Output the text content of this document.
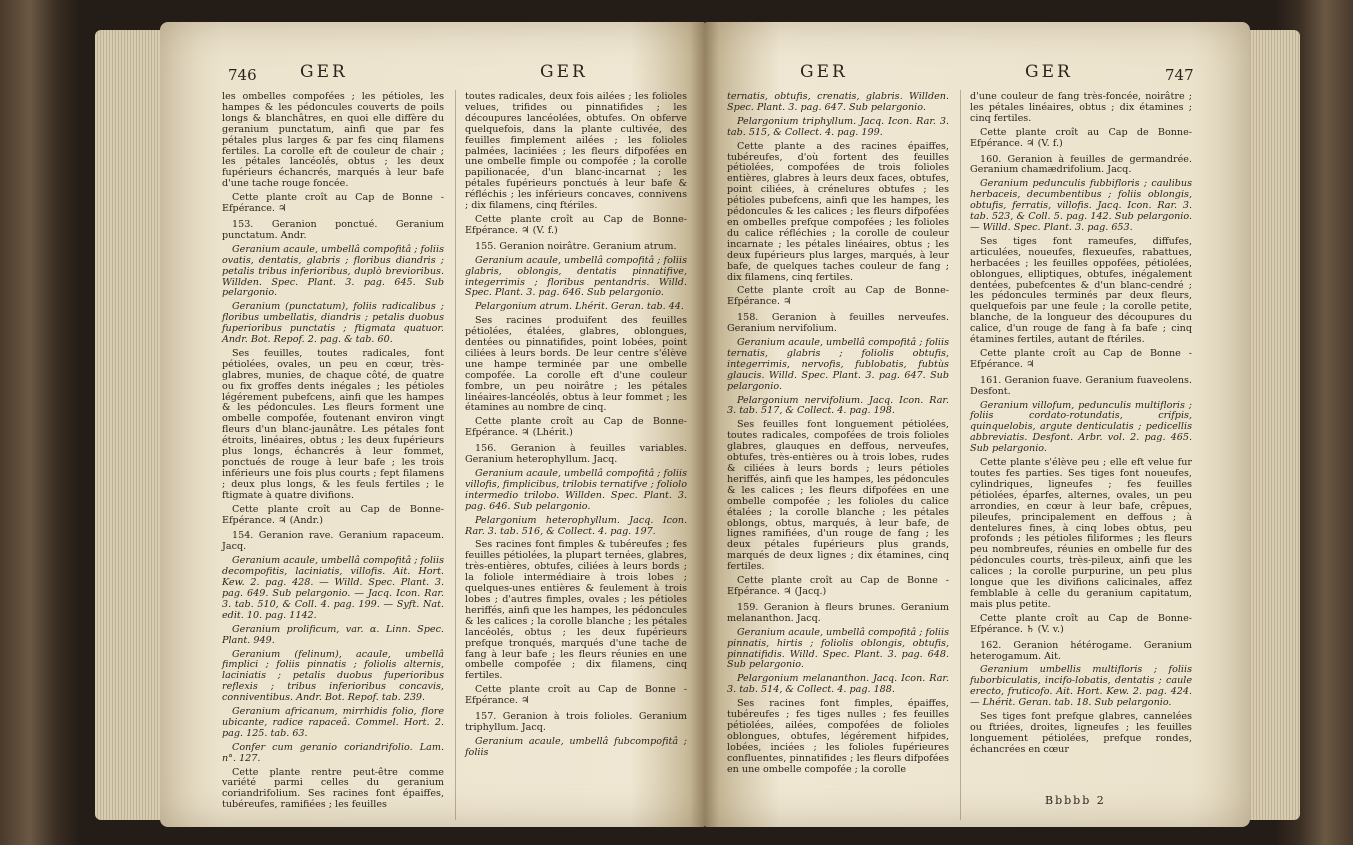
746	GER	GER

les ombelles compofées ; les pétioles, les hampes & les pédoncules couverts de poils longs & blanchâtres, en quoi elle diffère du geranium punctatum, ainfi que par fes pétales plus larges & par fes cinq filamens fertiles. La corolle eft de couleur de chair ; les pétales lancéolés, obtus ; les deux fupérieurs échancrés, marqués à leur bafe d'une tache rouge foncée.

Cette plante croît au Cap de Bonne - Efpérance. ♃

153. Geranion ponctué. Geranium punctatum. Andr.

Geranium acaule, umbellâ compofitâ ; foliis ovatis, dentatis, glabris ; floribus diandris ; petalis tribus inferioribus, duplò brevioribus. Willden. Spec. Plant. 3. pag. 645. Sub pelargonio.

Geranium (punctatum), foliis radicalibus ; floribus umbellatis, diandris ; petalis duobus fuperioribus punctatis ; ftigmata quatuor. Andr. Bot. Repof. 2. pag. & tab. 60.

Ses feuilles, toutes radicales, font pétiolées, ovales, un peu en cœur, très-glabres, munies, de chaque côté, de quatre ou fix groffes dents inégales ; les pétioles légérement pubefcens, ainfi que les hampes & les pédoncules. Les fleurs forment une ombelle compofée, foutenant environ vingt fleurs d'un blanc-jaunâtre. Les pétales font étroits, linéaires, obtus ; les deux fupérieurs plus longs, échancrés à leur fommet, ponctués de rouge à leur bafe ; les trois inférieurs une fois plus courts ; fept filamens ; deux plus longs, & les feuls fertiles ; le ftigmate à quatre divifions.

Cette plante croît au Cap de Bonne-Efpérance. ♃ (Andr.)

154. Geranion rave. Geranium rapaceum. Jacq.

Geranium acaule, umbellâ compofitâ ; foliis decompofitis, laciniatis, villofis. Ait. Hort. Kew. 2. pag. 428. — Willd. Spec. Plant. 3. pag. 649. Sub pelargonio. — Jacq. Icon. Rar. 3. tab. 510, & Coll. 4. pag. 199. — Syft. Nat. edit. 10. pag. 1142.

Geranium prolificum, var. α. Linn. Spec. Plant. 949.

Geranium (felinum), acaule, umbellâ fimplici ; foliis pinnatis ; foliolis alternis, laciniatis ; petalis duobus fuperioribus reflexis ; tribus inferioribus concavis, conniventibus. Andr. Bot. Repof. tab. 239.

Geranium africanum, mirrhidis folio, flore ubicante, radice rapaceâ. Commel. Hort. 2. pag. 125. tab. 63.

Confer cum geranio coriandrifolio. Lam. n°. 127.

Cette plante rentre peut-être comme variété parmi celles du geranium coriandrifolium. Ses racines font épaiffes, tubéreufes, ramifiées ; les feuilles

toutes radicales, deux fois ailées ; les folioles velues, trifides ou pinnatifides ; les découpures lancéolées, obtufes. On obferve quelquefois, dans la plante cultivée, des feuilles fimplement ailées ; les folioles palmées, laciniées ; les fleurs difpofées en une ombelle fimple ou compofée ; la corolle papilionacée, d'un blanc-incarnat ; les pétales fupérieurs ponctués à leur bafe & réfléchis ; les inférieurs concaves, connivens ; dix filamens, cinq ftériles.

Cette plante croît au Cap de Bonne-Efpérance. ♃ (V. f.)

155. Geranion noirâtre. Geranium atrum.

Geranium acaule, umbellâ compofitâ ; foliis glabris, oblongis, dentatis pinnatifive, integerrimis ; floribus pentandris. Willd. Spec. Plant. 3. pag. 646. Sub pelargonio.

Pelargonium atrum. Lhérit. Geran. tab. 44.

Ses racines produifent des feuilles pétiolées, étalées, glabres, oblongues, dentées ou pinnatifides, point lobées, point ciliées à leurs bords. De leur centre s'élève une hampe terminée par une ombelle compofée. La corolle eft d'une couleur fombre, un peu noirâtre ; les pétales linéaires-lancéolés, obtus à leur fommet ; les étamines au nombre de cinq.

Cette plante croît au Cap de Bonne-Efpérance. ♃ (Lhérit.)

156. Geranion à feuilles variables. Geranium heterophyllum. Jacq.

Geranium acaule, umbellâ compofitâ ; foliis villofis, fimplicibus, trilobis ternatifve ; foliolo intermedio trilobo. Willden. Spec. Plant. 3. pag. 646. Sub pelargonio.

Pelargonium heterophyllum. Jacq. Icon. Rar. 3. tab. 516, & Collect. 4. pag. 197.

Ses racines font fimples & tubéreufes ; fes feuilles pétiolées, la plupart ternées, glabres, très-entières, obtufes, ciliées à leurs bords ; la foliole intermédiaire à trois lobes ; quelques-unes entières & feulement à trois lobes ; d'autres fimples, ovales ; les pétioles heriffés, ainfi que les hampes, les pédoncules & les calices ; la corolle blanche ; les pétales lancéolés, obtus ; les deux fupérieurs prefque tronqués, marqués d'une tache de fang à leur bafe ; les fleurs réunies en une ombelle compofée ; dix filamens, cinq fertiles.

Cette plante croît au Cap de Bonne - Efpérance. ♃

157. Geranion à trois folioles. Geranium triphyllum. Jacq.

Geranium acaule, umbellâ fubcompofitâ ; foliis

GER	GER	747

ternatis, obtufis, crenatis, glabris. Willden. Spec. Plant. 3. pag. 647. Sub pelargonio.

Pelargonium triphyllum. Jacq. Icon. Rar. 3. tab. 515, & Collect. 4. pag. 199.

Cette plante a des racines épaiffes, tubéreufes, d'où fortent des feuilles pétiolées, compofées de trois folioles entières, glabres à leurs deux faces, obtufes, point ciliées, à crénelures obtufes ; les pétioles pubefcens, ainfi que les hampes, les pédoncules & les calices ; les fleurs difpofées en ombelles prefque compofées ; les folioles du calice réfléchies ; la corolle de couleur incarnate ; les pétales linéaires, obtus ; les deux fupérieurs plus larges, marqués, à leur bafe, de quelques taches couleur de fang ; dix filamens, cinq fertiles.

Cette plante croît au Cap de Bonne-Efpérance. ♃

158. Geranion à feuilles nerveufes. Geranium nervifolium.

Geranium acaule, umbellâ compofitâ ; foliis ternatis, glabris ; foliolis obtufis, integerrimis, nervofis, fublobatis, fubtùs glaucis. Willd. Spec. Plant. 3. pag. 647. Sub pelargonio.

Pelargonium nervifolium. Jacq. Icon. Rar. 3. tab. 517, & Collect. 4. pag. 198.

Ses feuilles font longuement pétiolées, toutes radicales, compofées de trois folioles glabres, glauques en deffous, nerveufes, obtufes, très-entières ou à trois lobes, rudes & ciliées à leurs bords ; leurs pétioles heriffés, ainfi que les hampes, les pédoncules & les calices ; les fleurs difpofées en une ombelle compofée ; les folioles du calice étalées ; la corolle blanche ; les pétales oblongs, obtus, marqués, à leur bafe, de lignes ramifiées, d'un rouge de fang ; les deux pétales fupérieurs plus grands, marqués de deux lignes ; dix étamines, cinq fertiles.

Cette plante croît au Cap de Bonne - Efpérance. ♃ (Jacq.)

159. Geranion à fleurs brunes. Geranium melananthon. Jacq.

Geranium acaule, umbellâ compofitâ ; foliis pinnatis, hirtis ; foliolis oblongis, obtufis, pinnatifidis. Willd. Spec. Plant. 3. pag. 648. Sub pelargonio.

Pelargonium melananthon. Jacq. Icon. Rar. 3. tab. 514, & Collect. 4. pag. 188.

Ses racines font fimples, épaiffes, tubéreufes ; fes tiges nulles ; fes feuilles pétiolées, ailées, compofées de folioles oblongues, obtufes, légérement hifpides, lobées, inciées ; les folioles fupérieures confluentes, pinnatifides ; les fleurs difpofées en une ombelle compofée ; la corolle

d'une couleur de fang très-foncée, noirâtre ; les pétales linéaires, obtus ; dix étamines ; cinq fertiles.

Cette plante croît au Cap de Bonne-Efpérance. ♃ (V. f.)

160. Geranion à feuilles de germandrée. Geranium chamædrifolium. Jacq.

Geranium pedunculis fubbifloris ; caulibus herbaceis, decumbentibus ; foliis oblongis, obtufis, ferratis, villofis. Jacq. Icon. Rar. 3. tab. 523, & Coll. 5. pag. 142. Sub pelargonio. — Willd. Spec. Plant. 3. pag. 653.

Ses tiges font rameufes, diffufes, articulées, noueufes, flexueufes, rabattues, herbacées ; les feuilles oppofées, pétiolées, oblongues, elliptiques, obtufes, inégalement dentées, pubefcentes & d'un blanc-cendré ; les pédoncules terminés par deux fleurs, quelquefois par une feule ; la corolle petite, blanche, de la longueur des découpures du calice, d'un rouge de fang à fa bafe ; cinq étamines fertiles, autant de ftériles.

Cette plante croît au Cap de Bonne - Efpérance. ♃

161. Geranion fuave. Geranium fuaveolens. Desfont.

Geranium villofum, pedunculis multifloris ; foliis cordato-rotundatis, crifpis, quinquelobis, argute denticulatis ; pedicellis abbreviatis. Desfont. Arbr. vol. 2. pag. 465. Sub pelargonio.

Cette plante s'élève peu ; elle eft velue fur toutes fes parties. Ses tiges font noueufes, cylindriques, ligneufes ; fes feuilles pétiolées, éparfes, alternes, ovales, un peu arrondies, en cœur à leur bafe, crêpues, pileufes, principalement en deffous ; à dentelures fines, à cinq lobes obtus, peu profonds ; les pétioles filiformes ; les fleurs peu nombreufes, réunies en ombelle fur des pédoncules courts, très-pileux, ainfi que les calices ; la corolle purpurine, un peu plus longue que les divifions calicinales, affez femblable à celle du geranium capitatum, mais plus petite.

Cette plante croît au Cap de Bonne-Efpérance. ♄ (V. v.)

162. Geranion hétérogame. Geranium heterogamum. Ait.

Geranium umbellis multifloris ; foliis fuborbiculatis, incifo-lobatis, dentatis ; caule erecto, fruticofo. Ait. Hort. Kew. 2. pag. 424. — Lhérit. Geran. tab. 18. Sub pelargonio.

Ses tiges font prefque glabres, cannelées ou ftriées, droites, ligneufes ; les feuilles longuement pétiolées, prefque rondes, échancrées en cœur

Bbbbb 2
